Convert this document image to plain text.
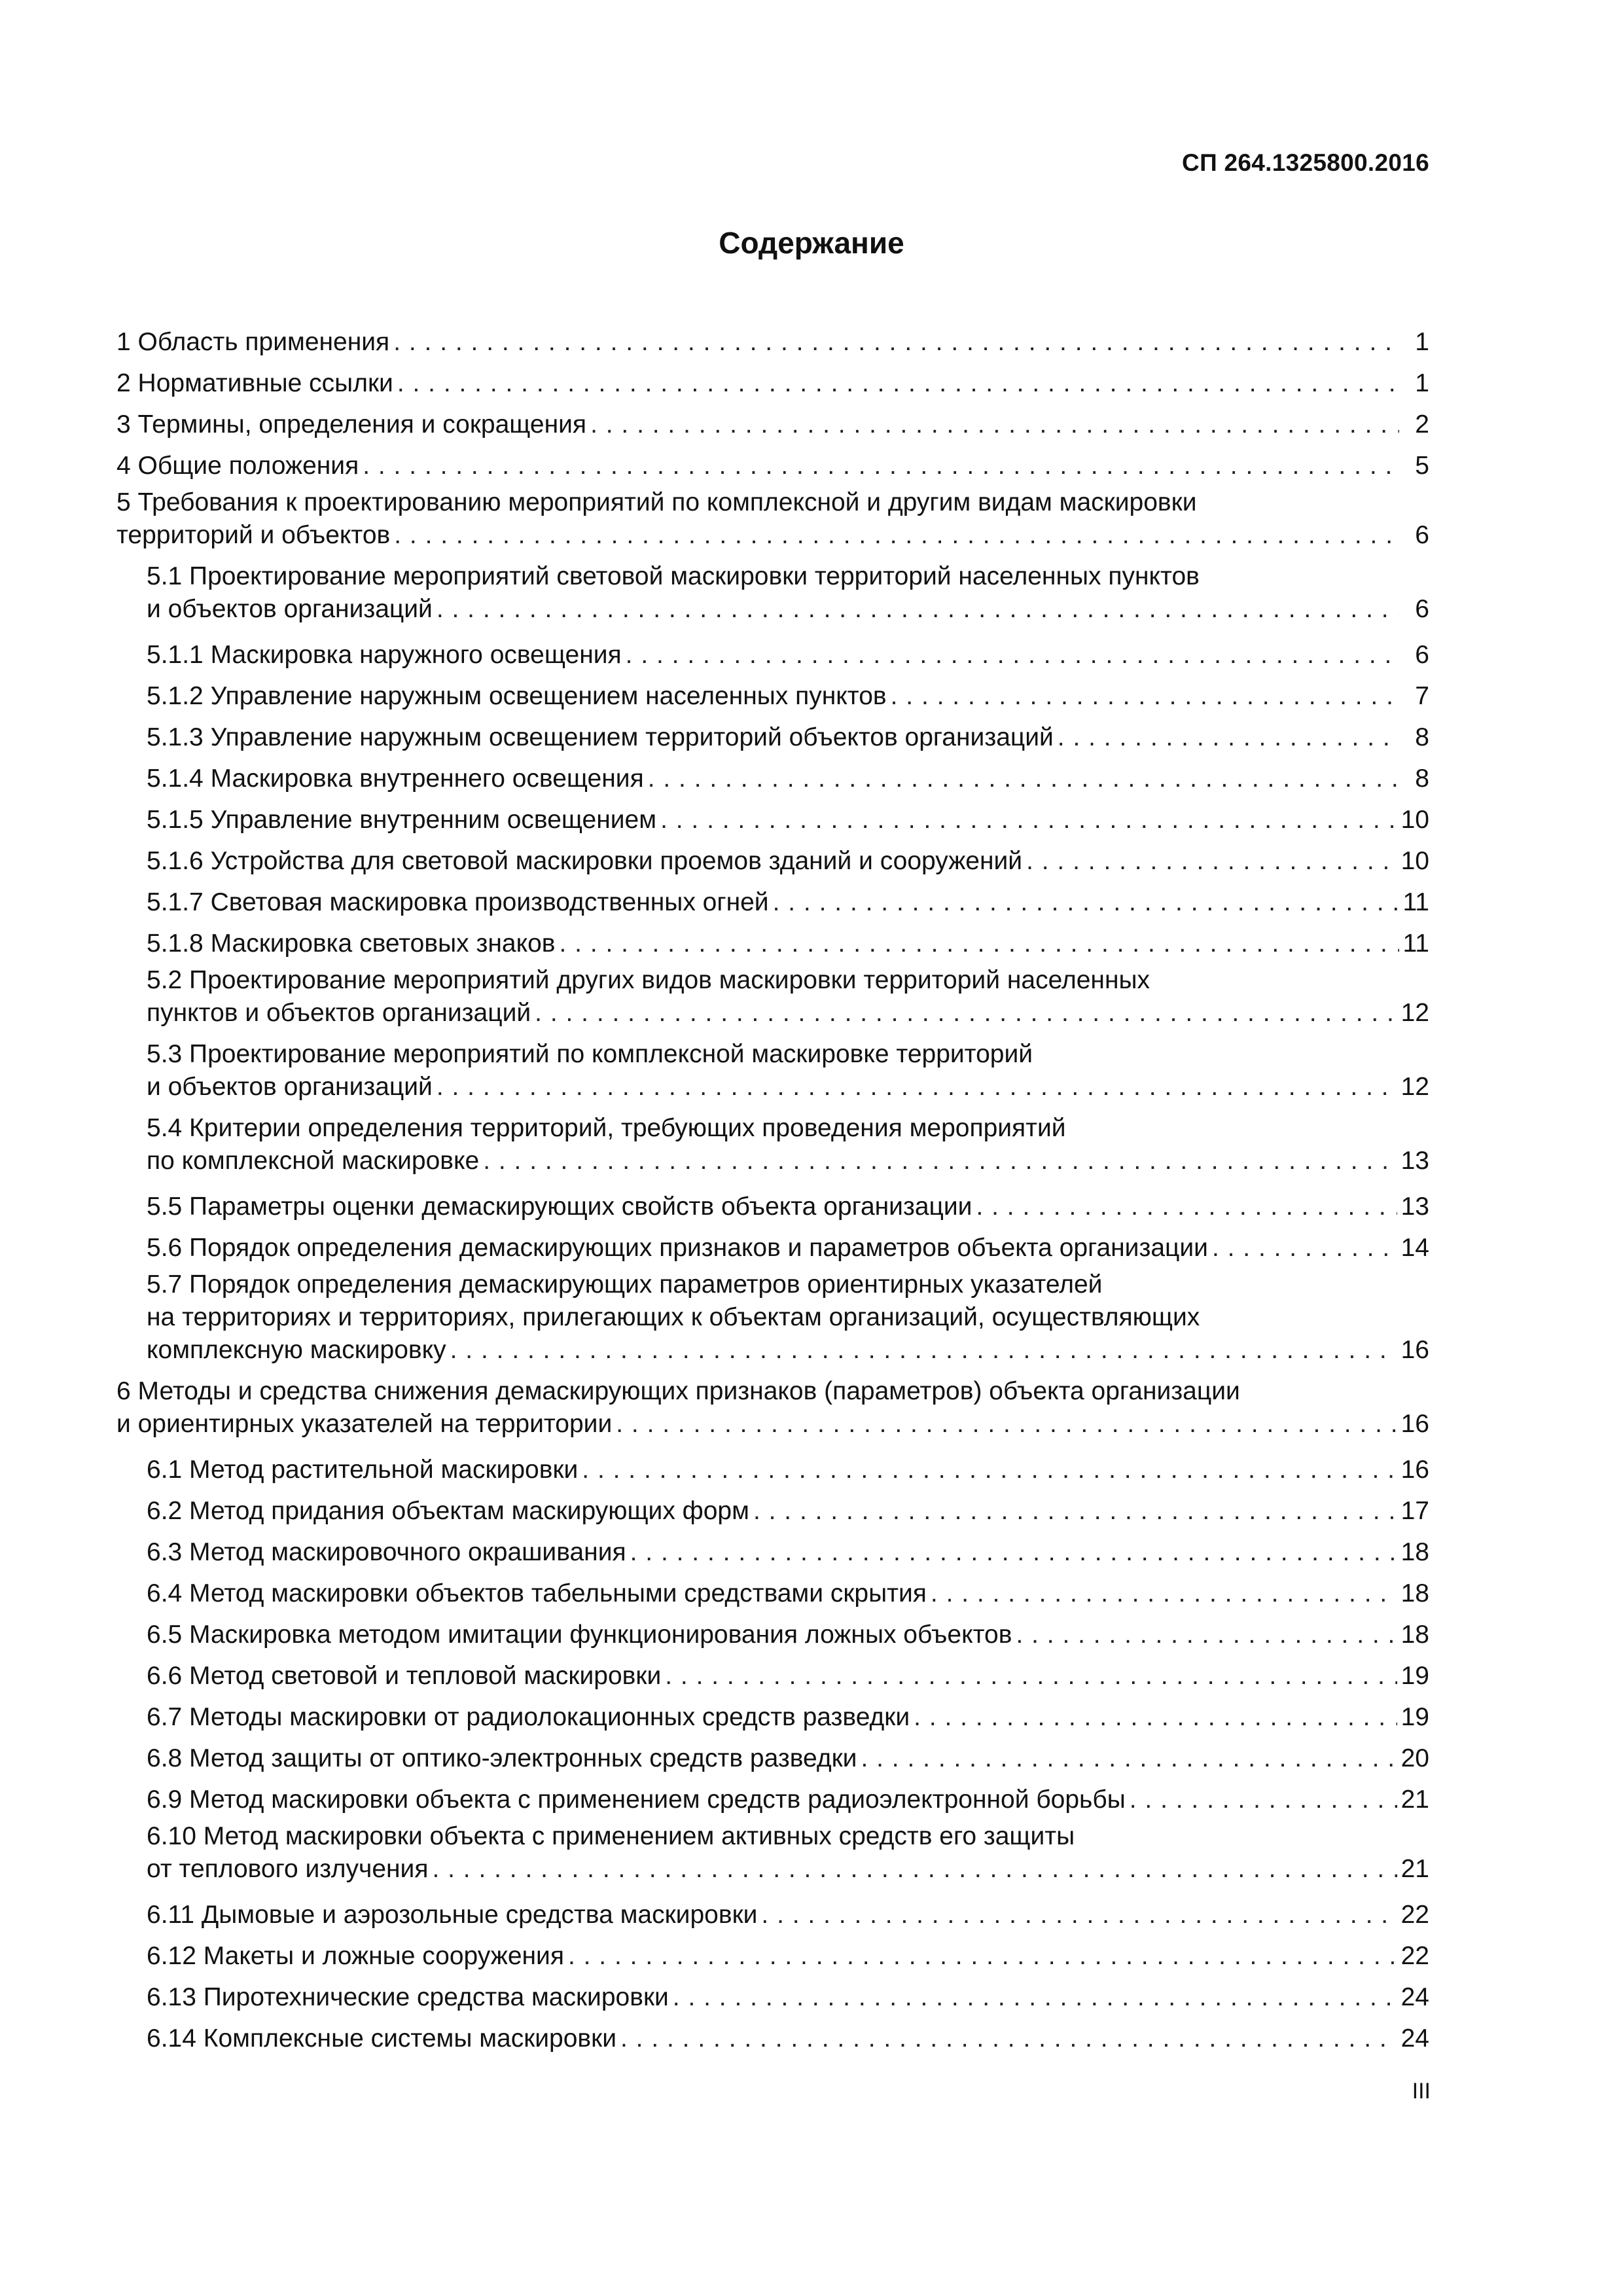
СП 264.1325800.2016
Содержание
1 Область применения . . .	1
2 Нормативные ссылки . . .	1
3 Термины, определения и сокращения . . .	2
4 Общие положения . . .	5
5 Требования к проектированию мероприятий по комплексной и другим видам маскировки
территорий и объектов . . .	6
5.1 Проектирование мероприятий световой маскировки территорий населенных пунктов
и объектов организаций . . .	6
5.1.1 Маскировка наружного освещения . . .	6
5.1.2 Управление наружным освещением населенных пунктов . . .	7
5.1.3 Управление наружным освещением территорий объектов организаций . . .	8
5.1.4 Маскировка внутреннего освещения . . .	8
5.1.5 Управление внутренним освещением . . .	10
5.1.6 Устройства для световой маскировки проемов зданий и сооружений . . .	10
5.1.7 Световая маскировка производственных огней . . .	11
5.1.8 Маскировка световых знаков . . .	11
5.2 Проектирование мероприятий других видов маскировки территорий населенных
пунктов и объектов организаций . . .	12
5.3 Проектирование мероприятий по комплексной маскировке территорий
и объектов организаций . . .	12
5.4 Критерии определения территорий, требующих проведения мероприятий
по комплексной маскировке . . .	13
5.5 Параметры оценки демаскирующих свойств объекта организации . . .	13
5.6 Порядок определения демаскирующих признаков и параметров объекта организации . . .	14
5.7 Порядок определения демаскирующих параметров ориентирных указателей
на территориях и территориях, прилегающих к объектам организаций, осуществляющих
комплексную маскировку . . .	16
6 Методы и средства снижения демаскирующих признаков (параметров) объекта организации
и ориентирных указателей на территории . . .	16
6.1 Метод растительной маскировки . . .	16
6.2 Метод придания объектам маскирующих форм . . .	17
6.3 Метод маскировочного окрашивания . . .	18
6.4 Метод маскировки объектов табельными средствами скрытия . . .	18
6.5 Маскировка методом имитации функционирования ложных объектов . . .	18
6.6 Метод световой и тепловой маскировки . . .	19
6.7 Методы маскировки от радиолокационных средств разведки . . .	19
6.8 Метод защиты от оптико-электронных средств разведки . . .	20
6.9 Метод маскировки объекта с применением средств радиоэлектронной борьбы . . .	21
6.10 Метод маскировки объекта с применением активных средств его защиты
от теплового излучения . . .	21
6.11 Дымовые и аэрозольные средства маскировки . . .	22
6.12 Макеты и ложные сооружения . . .	22
6.13 Пиротехнические средства маскировки . . .	24
6.14 Комплексные системы маскировки . . .	24
III
